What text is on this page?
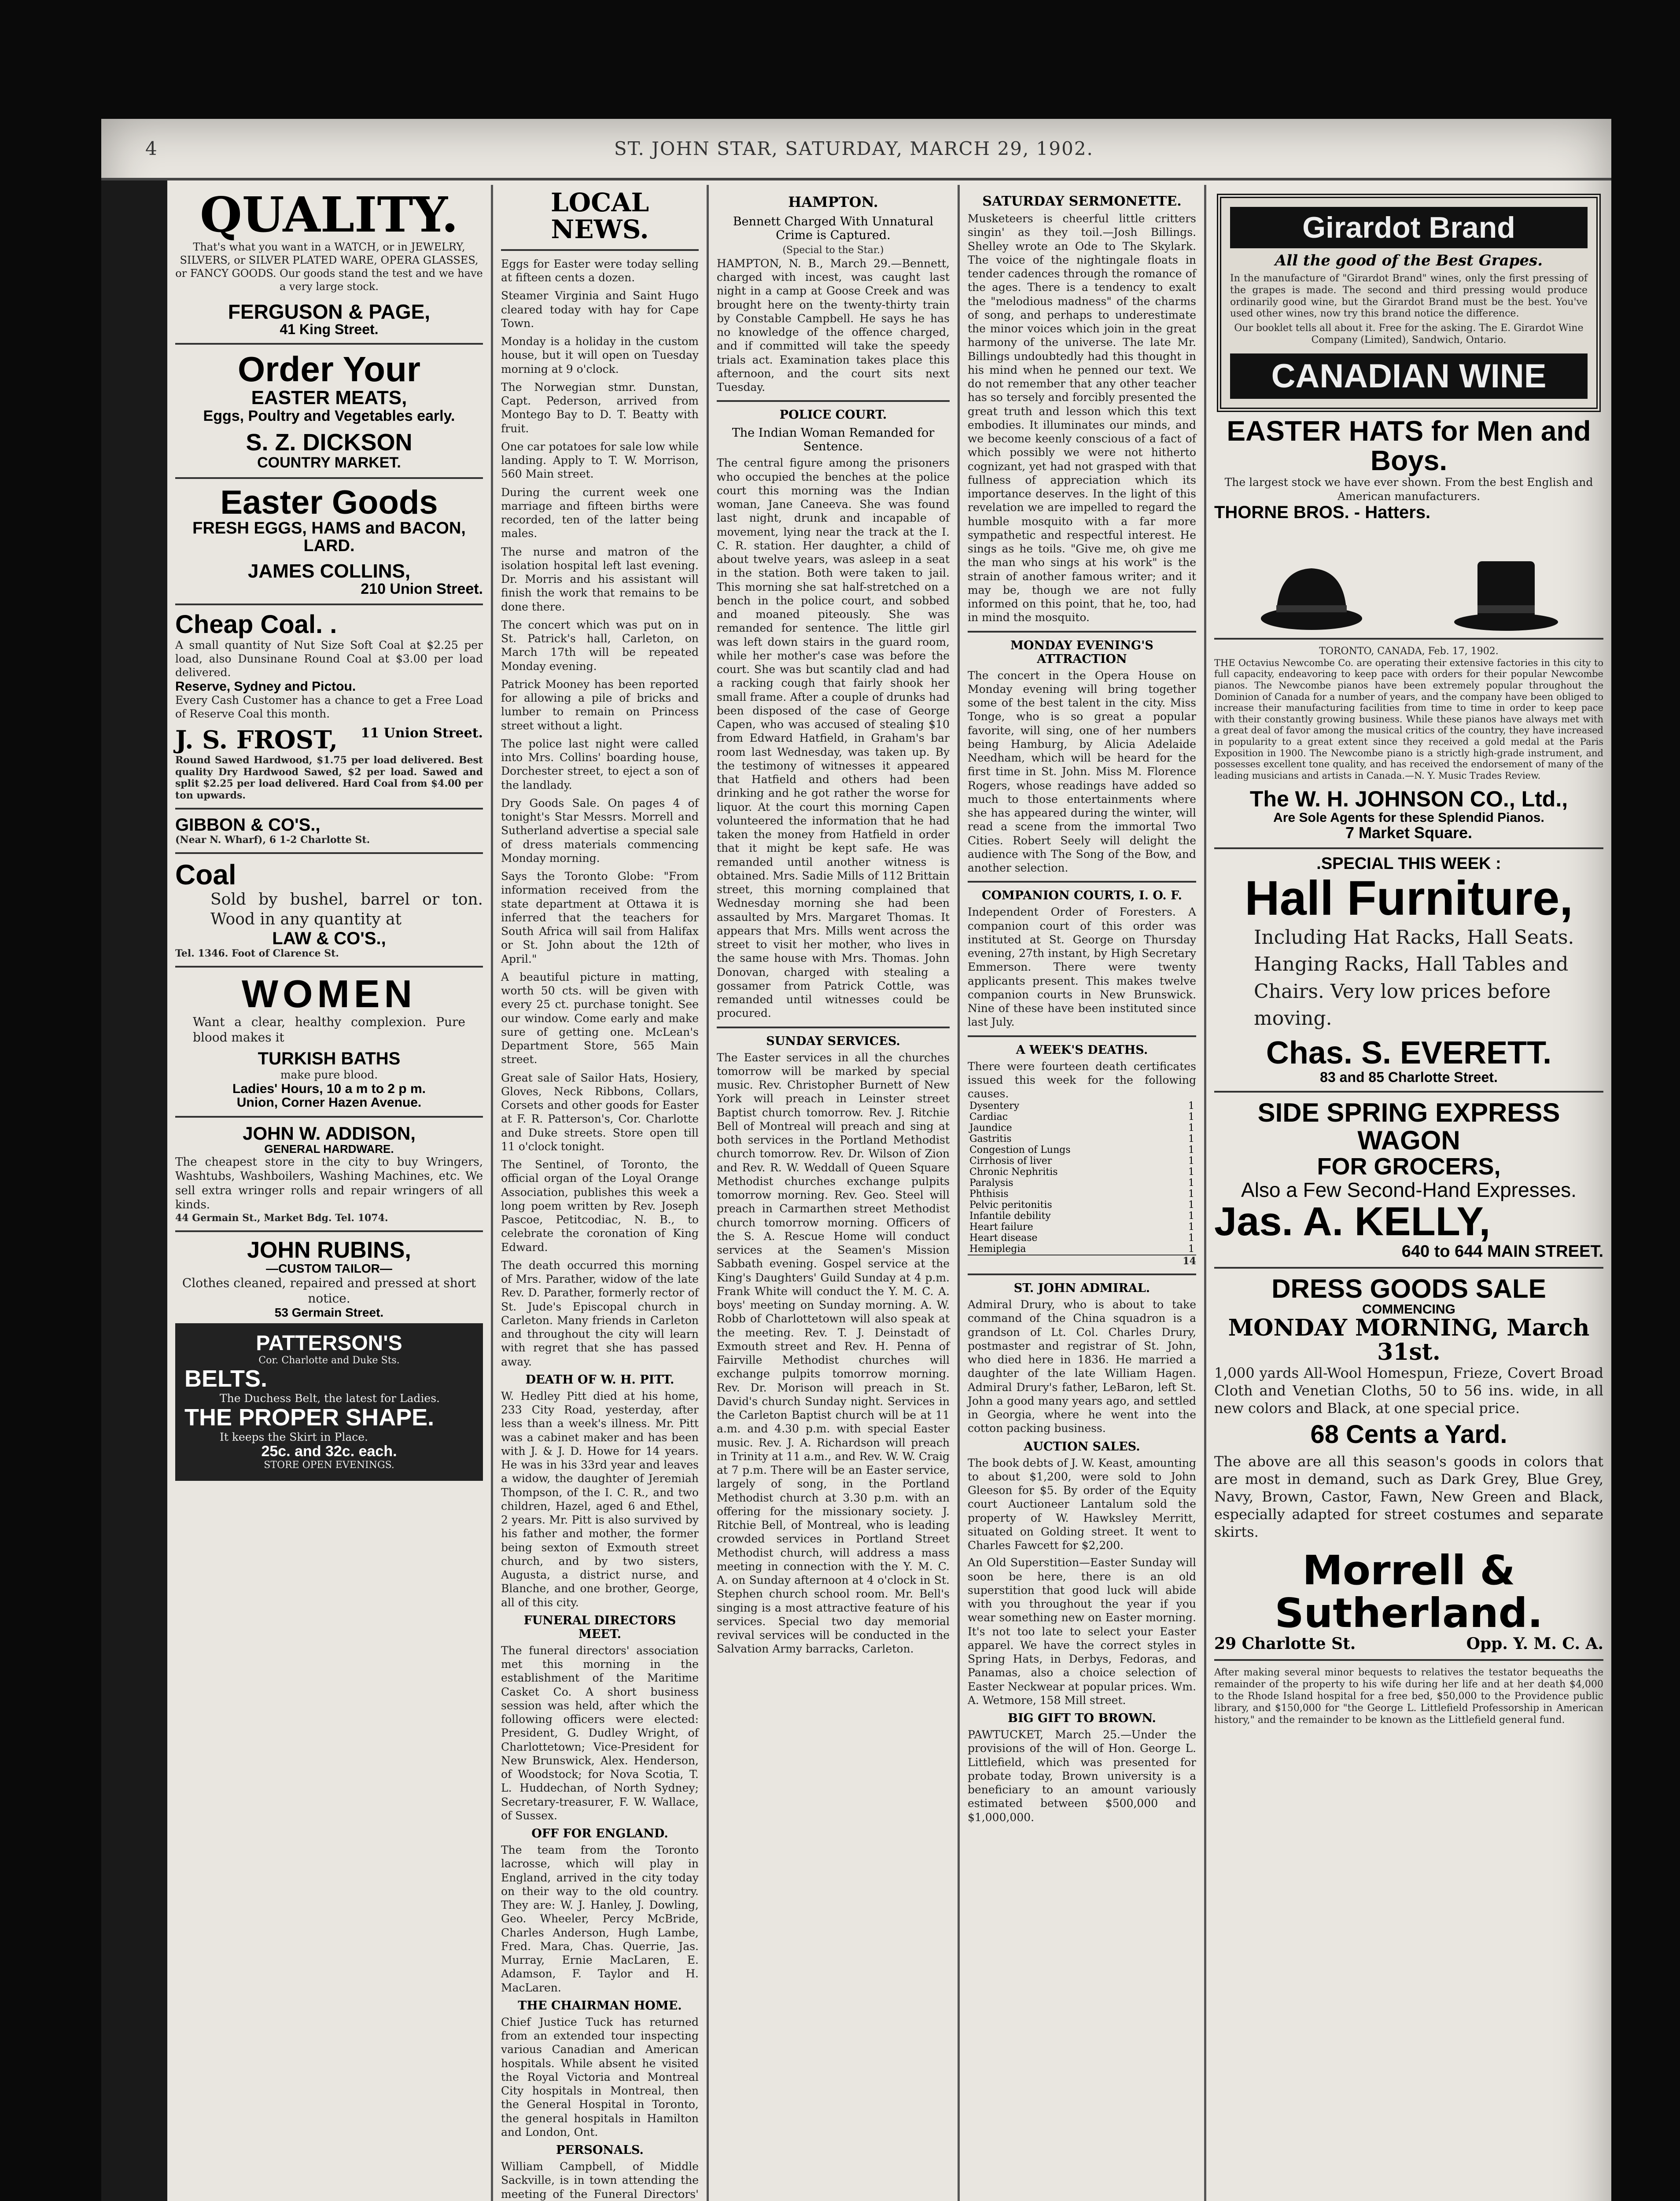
4	ST. JOHN STAR, SATURDAY, MARCH 29, 1902.
QUALITY.
That's what you want in a WATCH, or in JEWELRY, SILVERS, or SILVER PLATED WARE, OPERA GLASSES, or FANCY GOODS. Our goods stand the test and we have a very large stock.
FERGUSON & PAGE,
41 King Street.
Order Your
EASTER MEATS,
Eggs, Poultry and Vegetables early.
S. Z. DICKSON
COUNTRY MARKET.
Easter Goods
FRESH EGGS, HAMS and BACON, LARD.
JAMES COLLINS,
210 Union Street.
Cheap Coal. .
A small quantity of Nut Size Soft Coal at $2.25 per load, also Dunsinane Round Coal at $3.00 per load delivered.
Reserve, Sydney and Pictou.
Every Cash Customer has a chance to get a Free Load of Reserve Coal this month.
J. S. FROST, 11 Union Street.
Round Sawed Hardwood, $1.75 per load delivered. Best quality Dry Hardwood Sawed, $2 per load. Sawed and split $2.25 per load delivered. Hard Coal from $4.00 per ton upwards.
GIBBON & CO'S.,
(Near N. Wharf), 6 1-2 Charlotte St.
Coal
Sold by bushel, barrel or ton. Wood in any quantity at
LAW & CO'S.,
Tel. 1346. Foot of Clarence St.
WOMEN
Want a clear, healthy complexion. Pure blood makes it
TURKISH BATHS
make pure blood.
Ladies' Hours, 10 a m to 2 p m.
Union, Corner Hazen Avenue.
JOHN W. ADDISON,
GENERAL HARDWARE.
The cheapest store in the city to buy Wringers, Washtubs, Washboilers, Washing Machines, etc. We sell extra wringer rolls and repair wringers of all kinds.
44 Germain St., Market Bdg. Tel. 1074.
JOHN RUBINS,
—CUSTOM TAILOR—
Clothes cleaned, repaired and pressed at short notice.
53 Germain Street.
PATTERSON'S
Cor. Charlotte and Duke Sts.
BELTS.
The Duchess Belt, the latest for Ladies.
THE PROPER SHAPE.
It keeps the Skirt in Place.
25c. and 32c. each.
STORE OPEN EVENINGS.
LOCAL NEWS.
Eggs for Easter were today selling at fifteen cents a dozen.
Steamer Virginia and Saint Hugo cleared today with hay for Cape Town.
Monday is a holiday in the custom house, but it will open on Tuesday morning at 9 o'clock.
The Norwegian stmr. Dunstan, Capt. Pederson, arrived from Montego Bay to D. T. Beatty with fruit.
One car potatoes for sale low while landing. Apply to T. W. Morrison, 560 Main street.
During the current week one marriage and fifteen births were recorded, ten of the latter being males.
The nurse and matron of the isolation hospital left last evening. Dr. Morris and his assistant will finish the work that remains to be done there.
The concert which was put on in St. Patrick's hall, Carleton, on March 17th will be repeated Monday evening.
Patrick Mooney has been reported for allowing a pile of bricks and lumber to remain on Princess street without a light.
The police last night were called into Mrs. Collins' boarding house, Dorchester street, to eject a son of the landlady.
Dry Goods Sale. On pages 4 of tonight's Star Messrs. Morrell and Sutherland advertise a special sale of dress materials commencing Monday morning.
Says the Toronto Globe: "From information received from the state department at Ottawa it is inferred that the teachers for South Africa will sail from Halifax or St. John about the 12th of April."
A beautiful picture in matting, worth 50 cts. will be given with every 25 ct. purchase tonight. See our window. Come early and make sure of getting one. McLean's Department Store, 565 Main street.
Great sale of Sailor Hats, Hosiery, Gloves, Neck Ribbons, Collars, Corsets and other goods for Easter at F. R. Patterson's, Cor. Charlotte and Duke streets. Store open till 11 o'clock tonight.
The Sentinel, of Toronto, the official organ of the Loyal Orange Association, publishes this week a long poem written by Rev. Joseph Pascoe, Petitcodiac, N. B., to celebrate the coronation of King Edward.
The death occurred this morning of Mrs. Parather, widow of the late Rev. D. Parather, formerly rector of St. Jude's Episcopal church in Carleton. Many friends in Carleton and throughout the city will learn with regret that she has passed away.
DEATH OF W. H. PITT.
W. Hedley Pitt died at his home, 233 City Road, yesterday, after less than a week's illness. Mr. Pitt was a cabinet maker and has been with J. & J. D. Howe for 14 years. He was in his 33rd year and leaves a widow, the daughter of Jeremiah Thompson, of the I. C. R., and two children, Hazel, aged 6 and Ethel, 2 years. Mr. Pitt is also survived by his father and mother, the former being sexton of Exmouth street church, and by two sisters, Augusta, a district nurse, and Blanche, and one brother, George, all of this city.
FUNERAL DIRECTORS MEET.
The funeral directors' association met this morning in the establishment of the Maritime Casket Co. A short business session was held, after which the following officers were elected: President, G. Dudley Wright, of Charlottetown; Vice-President for New Brunswick, Alex. Henderson, of Woodstock; for Nova Scotia, T. L. Huddechan, of North Sydney; Secretary-treasurer, F. W. Wallace, of Sussex.
OFF FOR ENGLAND.
The team from the Toronto lacrosse, which will play in England, arrived in the city today on their way to the old country. They are: W. J. Hanley, J. Dowling, Geo. Wheeler, Percy McBride, Charles Anderson, Hugh Lambe, Fred. Mara, Chas. Querrie, Jas. Murray, Ernie MacLaren, E. Adamson, F. Taylor and H. MacLaren.
THE CHAIRMAN HOME.
Chief Justice Tuck has returned from an extended tour inspecting various Canadian and American hospitals. While absent he visited the Royal Victoria and Montreal City hospitals in Montreal, then the General Hospital in Toronto, the general hospitals in Hamilton and London, Ont.
PERSONALS.
William Campbell, of Middle Sackville, is in town attending the meeting of the Funeral Directors'
HAMPTON.
Bennett Charged With Unnatural Crime is Captured.
(Special to the Star.)
HAMPTON, N. B., March 29.—Bennett, charged with incest, was caught last night in a camp at Goose Creek and was brought here on the twenty-thirty train by Constable Campbell. He says he has no knowledge of the offence charged, and if committed will take the speedy trials act. Examination takes place this afternoon, and the court sits next Tuesday.
POLICE COURT.
The Indian Woman Remanded for Sentence.
The central figure among the prisoners who occupied the benches at the police court this morning was the Indian woman, Jane Caneeva. She was found last night, drunk and incapable of movement, lying near the track at the I. C. R. station. Her daughter, a child of about twelve years, was asleep in a seat in the station. Both were taken to jail. This morning she sat half-stretched on a bench in the police court, and sobbed and moaned piteously. She was remanded for sentence. The little girl was left down stairs in the guard room, while her mother's case was before the court. She was but scantily clad and had a racking cough that fairly shook her small frame. After a couple of drunks had been disposed of the case of George Capen, who was accused of stealing $10 from Edward Hatfield, in Graham's bar room last Wednesday, was taken up. By the testimony of witnesses it appeared that Hatfield and others had been drinking and he got rather the worse for liquor. At the court this morning Capen volunteered the information that he had taken the money from Hatfield in order that it might be kept safe. He was remanded until another witness is obtained. Mrs. Sadie Mills of 112 Brittain street, this morning complained that Wednesday morning she had been assaulted by Mrs. Margaret Thomas. It appears that Mrs. Mills went across the street to visit her mother, who lives in the same house with Mrs. Thomas. John Donovan, charged with stealing a gossamer from Patrick Cottle, was remanded until witnesses could be procured.
SUNDAY SERVICES.
The Easter services in all the churches tomorrow will be marked by special music. Rev. Christopher Burnett of New York will preach in Leinster street Baptist church tomorrow. Rev. J. Ritchie Bell of Montreal will preach and sing at both services in the Portland Methodist church tomorrow. Rev. Dr. Wilson of Zion and Rev. R. W. Weddall of Queen Square Methodist churches exchange pulpits tomorrow morning. Rev. Geo. Steel will preach in Carmarthen street Methodist church tomorrow morning. Officers of the S. A. Rescue Home will conduct services at the Seamen's Mission Sabbath evening. Gospel service at the King's Daughters' Guild Sunday at 4 p.m. Frank White will conduct the Y. M. C. A. boys' meeting on Sunday morning. A. W. Robb of Charlottetown will also speak at the meeting. Rev. T. J. Deinstadt of Exmouth street and Rev. H. Penna of Fairville Methodist churches will exchange pulpits tomorrow morning. Rev. Dr. Morison will preach in St. David's church Sunday night. Services in the Carleton Baptist church will be at 11 a.m. and 4.30 p.m. with special Easter music. Rev. J. A. Richardson will preach in Trinity at 11 a.m., and Rev. W. W. Craig at 7 p.m. There will be an Easter service, largely of song, in the Portland Methodist church at 3.30 p.m. with an offering for the missionary society. J. Ritchie Bell, of Montreal, who is leading crowded services in Portland Street Methodist church, will address a mass meeting in connection with the Y. M. C. A. on Sunday afternoon at 4 o'clock in St. Stephen church school room. Mr. Bell's singing is a most attractive feature of his services. Special two day memorial revival services will be conducted in the Salvation Army barracks, Carleton.
SATURDAY SERMONETTE.
Musketeers is cheerful little critters singin' as they toil.—Josh Billings. Shelley wrote an Ode to The Skylark. The voice of the nightingale floats in tender cadences through the romance of the ages. There is a tendency to exalt the "melodious madness" of the charms of song, and perhaps to underestimate the minor voices which join in the great harmony of the universe. The late Mr. Billings undoubtedly had this thought in his mind when he penned our text. We do not remember that any other teacher has so tersely and forcibly presented the great truth and lesson which this text embodies. It illuminates our minds, and we become keenly conscious of a fact of which possibly we were not hitherto cognizant, yet had not grasped with that fullness of appreciation which its importance deserves. In the light of this revelation we are impelled to regard the humble mosquito with a far more sympathetic and respectful interest. He sings as he toils. "Give me, oh give me the man who sings at his work" is the strain of another famous writer; and it may be, though we are not fully informed on this point, that he, too, had in mind the mosquito.
MONDAY EVENING'S ATTRACTION
The concert in the Opera House on Monday evening will bring together some of the best talent in the city. Miss Tonge, who is so great a popular favorite, will sing, one of her numbers being Hamburg, by Alicia Adelaide Needham, which will be heard for the first time in St. John. Miss M. Florence Rogers, whose readings have added so much to those entertainments where she has appeared during the winter, will read a scene from the immortal Two Cities. Robert Seely will delight the audience with The Song of the Bow, and another selection.
COMPANION COURTS, I. O. F.
Independent Order of Foresters. A companion court of this order was instituted at St. George on Thursday evening, 27th instant, by High Secretary Emmerson. There were twenty applicants present. This makes twelve companion courts in New Brunswick. Nine of these have been instituted since last July.
A WEEK'S DEATHS.
There were fourteen death certificates issued this week for the following causes.
Dysentery	1
Cardiac	1
Jaundice	1
Gastritis	1
Congestion of Lungs	1
Cirrhosis of liver	1
Chronic Nephritis	1
Paralysis	1
Phthisis	1
Pelvic peritonitis	1
Infantile debility	1
Heart failure	1
Heart disease	1
Hemiplegia	1
14
ST. JOHN ADMIRAL.
Admiral Drury, who is about to take command of the China squadron is a grandson of Lt. Col. Charles Drury, postmaster and registrar of St. John, who died here in 1836. He married a daughter of the late William Hagen. Admiral Drury's father, LeBaron, left St. John a good many years ago, and settled in Georgia, where he went into the cotton packing business.
AUCTION SALES.
The book debts of J. W. Keast, amounting to about $1,200, were sold to John Gleeson for $5. By order of the Equity court Auctioneer Lantalum sold the property of W. Hawksley Merritt, situated on Golding street. It went to Charles Fawcett for $2,200.
An Old Superstition—Easter Sunday will soon be here, there is an old superstition that good luck will abide with you throughout the year if you wear something new on Easter morning. It's not too late to select your Easter apparel. We have the correct styles in Spring Hats, in Derbys, Fedoras, and Panamas, also a choice selection of Easter Neckwear at popular prices. Wm. A. Wetmore, 158 Mill street.
BIG GIFT TO BROWN.
PAWTUCKET, March 25.—Under the provisions of the will of Hon. George L. Littlefield, which was presented for probate today, Brown university is a beneficiary to an amount variously estimated between $500,000 and $1,000,000.
Girardot Brand
All the good of the Best Grapes.
In the manufacture of "Girardot Brand" wines, only the first pressing of the grapes is made. The second and third pressing would produce ordinarily good wine, but the Girardot Brand must be the best. You've used other wines, now try this brand notice the difference.
Our booklet tells all about it. Free for the asking. The E. Girardot Wine Company (Limited), Sandwich, Ontario.
CANADIAN WINE
EASTER HATS for Men and Boys.
The largest stock we have ever shown. From the best English and American manufacturers.
THORNE BROS. - Hatters.
TORONTO, CANADA, Feb. 17, 1902.
THE Octavius Newcombe Co. are operating their extensive factories in this city to full capacity, endeavoring to keep pace with orders for their popular Newcombe pianos. The Newcombe pianos have been extremely popular throughout the Dominion of Canada for a number of years, and the company have been obliged to increase their manufacturing facilities from time to time in order to keep pace with their constantly growing business. While these pianos have always met with a great deal of favor among the musical critics of the country, they have increased in popularity to a great extent since they received a gold medal at the Paris Exposition in 1900. The Newcombe piano is a strictly high-grade instrument, and possesses excellent tone quality, and has received the endorsement of many of the leading musicians and artists in Canada.—N. Y. Music Trades Review.
The W. H. JOHNSON CO., Ltd.,
Are Sole Agents for these Splendid Pianos.
7 Market Square.
.SPECIAL THIS WEEK :
Hall Furniture,
Including Hat Racks, Hall Seats. Hanging Racks, Hall Tables and Chairs. Very low prices before moving.
Chas. S. EVERETT.
83 and 85 Charlotte Street.
SIDE SPRING EXPRESS WAGON
FOR GROCERS,
Also a Few Second-Hand Expresses.
Jas. A. KELLY,
640 to 644 MAIN STREET.
DRESS GOODS SALE
COMMENCING
MONDAY MORNING, March 31st.
1,000 yards All-Wool Homespun, Frieze, Covert Broad Cloth and Venetian Cloths, 50 to 56 ins. wide, in all new colors and Black, at one special price.
68 Cents a Yard.
The above are all this season's goods in colors that are most in demand, such as Dark Grey, Blue Grey, Navy, Brown, Castor, Fawn, New Green and Black, especially adapted for street costumes and separate skirts.
Morrell & Sutherland.
29 Charlotte St.	Opp. Y. M. C. A.
After making several minor bequests to relatives the testator bequeaths the remainder of the property to his wife during her life and at her death $4,000 to the Rhode Island hospital for a free bed, $50,000 to the Providence public library, and $150,000 for "the George L. Littlefield Professorship in American history," and the remainder to be known as the Littlefield general fund.
